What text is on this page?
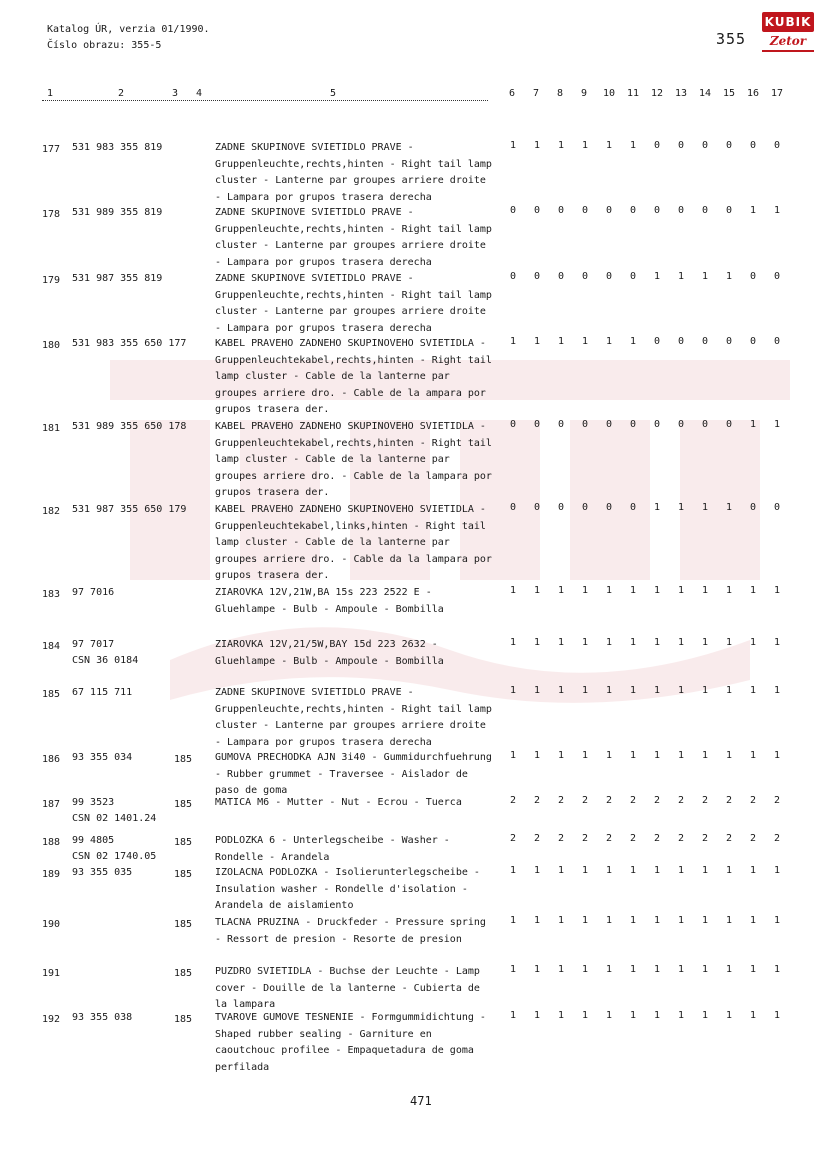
Katalog ÚR, verzia 01/1990.
Číslo obrazu: 355-5	355
KUBIK
Zetor
1	2	3 4	5	6 7 8 9 10 11 12 13 14 15 16 17
177 531 983 355 819	ZADNE SKUPINOVE SVIETIDLO PRAVE - Gruppenleuchte,rechts,hinten - Right tail lamp cluster - Lanterne par groupes arriere droite - Lampara por grupos trasera derecha
1	1	1	1	1	1	0	0	0	0	0	0
178 531 989 355 819	ZADNE SKUPINOVE SVIETIDLO PRAVE - Gruppenleuchte,rechts,hinten - Right tail lamp cluster - Lanterne par groupes arriere droite - Lampara por grupos trasera derecha
0	0	0	0	0	0	0	0	0	0	1	1
179 531 987 355 819	ZADNE SKUPINOVE SVIETIDLO PRAVE - Gruppenleuchte,rechts,hinten - Right tail lamp cluster - Lanterne par groupes arriere droite - Lampara por grupos trasera derecha
0	0	0	0	0	0	1	1	1	1	0	0
180 531 983 355 650 177	KABEL PRAVEHO ZADNEHO SKUPINOVEHO SVIETIDLA - Gruppenleuchtekabel,rechts,hinten - Right tail lamp cluster - Cable de la lanterne par groupes arriere dro. - Cable de la ampara por grupos trasera der.
1	1	1	1	1	1	0	0	0	0	0	0
181 531 989 355 650 178	KABEL PRAVEHO ZADNEHO SKUPINOVEHO SVIETIDLA - Gruppenleuchtekabel,rechts,hinten - Right tail lamp cluster - Cable de la lanterne par groupes arriere dro. - Cable de la lampara por grupos trasera der.
0	0	0	0	0	0	0	0	0	0	1	1
182 531 987 355 650 179	KABEL PRAVEHO ZADNEHO SKUPINOVEHO SVIETIDLA - Gruppenleuchtekabel,links,hinten - Right tail lamp cluster - Cable de la lanterne par groupes arriere dro. - Cable da la lampara por grupos trasera der.
0	0	0	0	0	0	1	1	1	1	0	0
183 97 7016	ZIAROVKA 12V,21W,BA 15s 223 2522 E - Gluehlampe - Bulb - Ampoule - Bombilla
1	1	1	1	1	1	1	1	1	1	1	1
184 97 7017
CSN 36 0184
ZIAROVKA 12V,21/5W,BAY 15d 223 2632 - Gluehlampe - Bulb - Ampoule - Bombilla
1	1	1	1	1	1	1	1	1	1	1	1
185 67 115 711	ZADNE SKUPINOVE SVIETIDLO PRAVE - Gruppenleuchte,rechts,hinten - Right tail lamp cluster - Lanterne par groupes arriere droite - Lampara por grupos trasera derecha
1	1	1	1	1	1	1	1	1	1	1	1
186 93 355 034	185 GUMOVA PRECHODKA AJN 3i40 - Gummidurchfuehrung - Rubber grummet - Traversee - Aislador de paso de goma
1	1	1	1	1	1	1	1	1	1	1	1
187 99 3523
CSN 02 1401.24
185 MATICA M6 - Mutter - Nut - Ecrou - Tuerca	2	2	2	2	2	2	2	2	2	2	2	2
188 99 4805
CSN 02 1740.05
185 PODLOZKA 6 - Unterlegscheibe - Washer - Rondelle - Arandela
2	2	2	2	2	2	2	2	2	2	2	2
189 93 355 035	185 IZOLACNA PODLOZKA - Isolierunterlegscheibe - Insulation washer - Rondelle d'isolation - Arandela de aislamiento
1	1	1	1	1	1	1	1	1	1	1	1
190	185 TLACNA PRUZINA - Druckfeder - Pressure spring - Ressort de presion - Resorte de presion
1	1	1	1	1	1	1	1	1	1	1	1
191	185 PUZDRO SVIETIDLA - Buchse der Leuchte - Lamp cover - Douille de la lanterne - Cubierta de la lampara
1	1	1	1	1	1	1	1	1	1	1	1
192 93 355 038	185 TVAROVE GUMOVE TESNENIE - Formgummidichtung - Shaped rubber sealing - Garniture en caoutchouc profilee - Empaquetadura de goma perfilada
1	1	1	1	1	1	1	1	1	1	1	1
471
